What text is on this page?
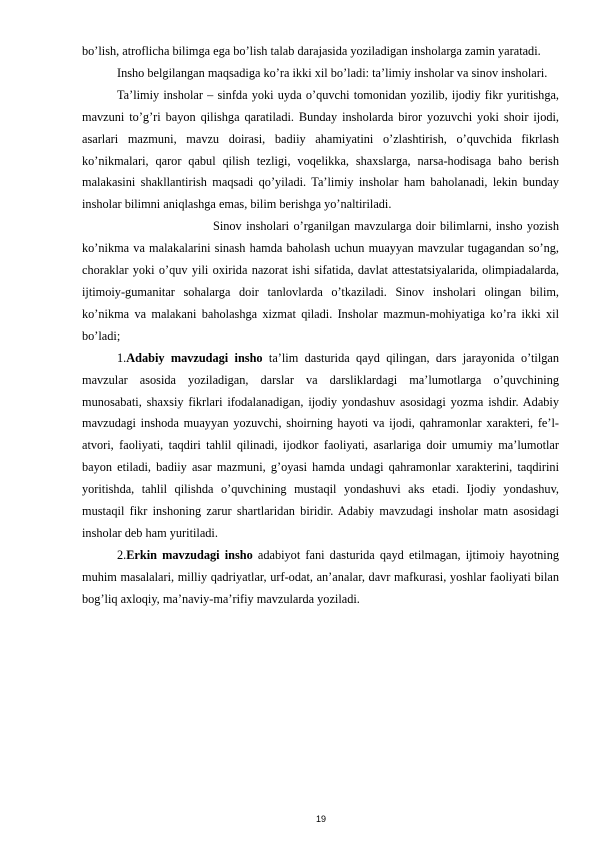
bo’lish, atroflicha bilimga ega bo’lish talab darajasida yoziladigan insholarga zamin yaratadi.

Insho belgilangan maqsadiga ko’ra ikki xil bo’ladi: ta’limiy insholar va sinov insholari.

Ta’limiy insholar – sinfda yoki uyda o’quvchi tomonidan yozilib, ijodiy fikr yuritishga, mavzuni to’g’ri bayon qilishga qaratiladi. Bunday insholarda biror yozuvchi yoki shoir ijodi, asarlari mazmuni, mavzu doirasi, badiiy ahamiyatini o’zlashtirish, o’quvchida fikrlash ko’nikmalari, qaror qabul qilish tezligi, voqelikka, shaxslarga, narsa-hodisaga baho berish malakasini shakllantirish maqsadi qo’yiladi. Ta’limiy insholar ham baholanadi, lekin bunday insholar bilimni aniqlashga emas, bilim berishga yo’naltiriladi.

Sinov insholari o’rganilgan mavzularga doir bilimlarni, insho yozish ko’nikma va malakalarini sinash hamda baholash uchun muayyan mavzular tugagandan so’ng, choraklar yoki o’quv yili oxirida nazorat ishi sifatida, davlat attestatsiyalarida, olimpiadalarda, ijtimoiy-gumanitar sohalarga doir tanlovlarda o’tkaziladi. Sinov insholari olingan bilim, ko’nikma va malakani baholashga xizmat qiladi. Insholar mazmun-mohiyatiga ko’ra ikki xil bo’ladi;

1.Adabiy mavzudagi insho ta’lim dasturida qayd qilingan, dars jarayonida o’tilgan mavzular asosida yoziladigan, darslar va darsliklardagi ma’lumotlarga o’quvchining munosabati, shaxsiy fikrlari ifodalanadigan, ijodiy yondashuv asosidagi yozma ishdir. Adabiy mavzudagi inshoda muayyan yozuvchi, shoirning hayoti va ijodi, qahramonlar xarakteri, fe’l-atvori, faoliyati, taqdiri tahlil qilinadi, ijodkor faoliyati, asarlariga doir umumiy ma’lumotlar bayon etiladi, badiiy asar mazmuni, g’oyasi hamda undagi qahramonlar xarakterini, taqdirini yoritishda, tahlil qilishda o’quvchining mustaqil yondashuvi aks etadi. Ijodiy yondashuv, mustaqil fikr inshoning zarur shartlaridan biridir. Adabiy mavzudagi insholar matn asosidagi insholar deb ham yuritiladi.

2.Erkin mavzudagi insho adabiyot fani dasturida qayd etilmagan, ijtimoiy hayotning muhim masalalari, milliy qadriyatlar, urf-odat, an’analar, davr mafkurasi, yoshlar faoliyati bilan bog’liq axloqiy, ma’naviy-ma’rifiy mavzularda yoziladi.

19
